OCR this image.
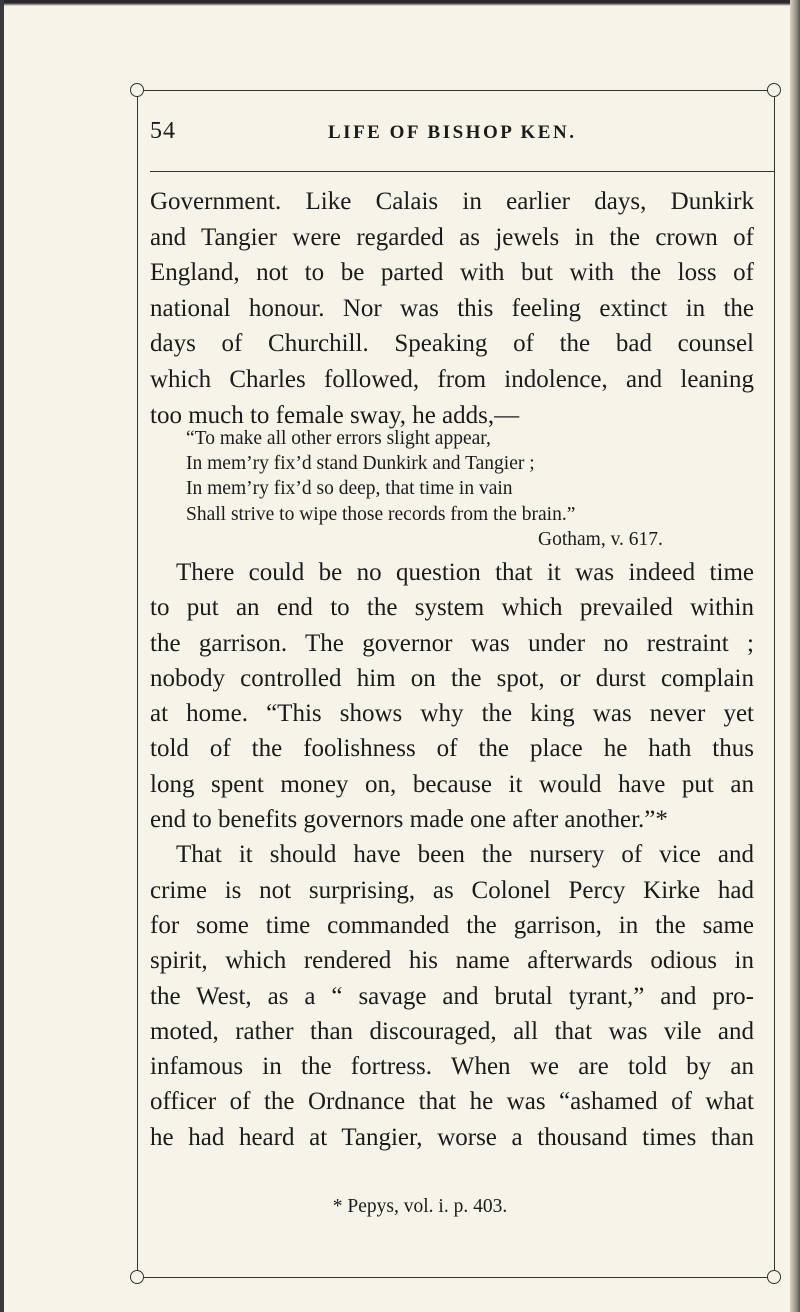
54	LIFE OF BISHOP KEN.
Government. Like Calais in earlier days, Dunkirk
and Tangier were regarded as jewels in the crown of
England, not to be parted with but with the loss of
national honour. Nor was this feeling extinct in the
days of Churchill. Speaking of the bad counsel
which Charles followed, from indolence, and leaning
too much to female sway, he adds,—
“To make all other errors slight appear,
In mem’ry fix’d stand Dunkirk and Tangier ;
In mem’ry fix’d so deep, that time in vain
Shall strive to wipe those records from the brain.”
Gotham, v. 617.
There could be no question that it was indeed time
to put an end to the system which prevailed within
the garrison. The governor was under no restraint ;
nobody controlled him on the spot, or durst complain
at home. “This shows why the king was never yet
told of the foolishness of the place he hath thus
long spent money on, because it would have put an
end to benefits governors made one after another.”*
That it should have been the nursery of vice and
crime is not surprising, as Colonel Percy Kirke had
for some time commanded the garrison, in the same
spirit, which rendered his name afterwards odious in
the West, as a “ savage and brutal tyrant,” and pro-
moted, rather than discouraged, all that was vile and
infamous in the fortress. When we are told by an
officer of the Ordnance that he was “ashamed of what
he had heard at Tangier, worse a thousand times than
* Pepys, vol. i. p. 403.
